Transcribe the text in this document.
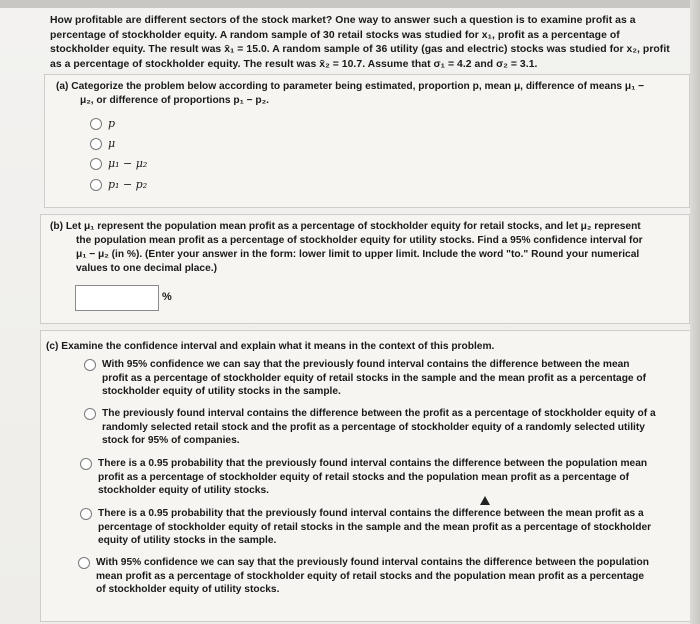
How profitable are different sectors of the stock market? One way to answer such a question is to examine profit as a
percentage of stockholder equity. A random sample of 30 retail stocks was studied for x₁, profit as a percentage of
stockholder equity. The result was x̄₁ = 15.0. A random sample of 36 utility (gas and electric) stocks was studied for x₂, profit
as a percentage of stockholder equity. The result was x̄₂ = 10.7. Assume that σ₁ = 4.2 and σ₂ = 3.1.
(a) Categorize the problem below according to parameter being estimated, proportion p, mean μ, difference of means μ₁ −
μ₂, or difference of proportions p₁ − p₂.
p
μ
μ₁ − μ₂
p₁ − p₂
(b) Let μ₁ represent the population mean profit as a percentage of stockholder equity for retail stocks, and let μ₂ represent
the population mean profit as a percentage of stockholder equity for utility stocks. Find a 95% confidence interval for
μ₁ − μ₂ (in %). (Enter your answer in the form: lower limit to upper limit. Include the word "to." Round your numerical
values to one decimal place.)
%
(c) Examine the confidence interval and explain what it means in the context of this problem.
With 95% confidence we can say that the previously found interval contains the difference between the mean
profit as a percentage of stockholder equity of retail stocks in the sample and the mean profit as a percentage of
stockholder equity of utility stocks in the sample.
The previously found interval contains the difference between the profit as a percentage of stockholder equity of a
randomly selected retail stock and the profit as a percentage of stockholder equity of a randomly selected utility
stock for 95% of companies.
There is a 0.95 probability that the previously found interval contains the difference between the population mean
profit as a percentage of stockholder equity of retail stocks and the population mean profit as a percentage of
stockholder equity of utility stocks.
There is a 0.95 probability that the previously found interval contains the difference between the mean profit as a
percentage of stockholder equity of retail stocks in the sample and the mean profit as a percentage of stockholder
equity of utility stocks in the sample.
With 95% confidence we can say that the previously found interval contains the difference between the population
mean profit as a percentage of stockholder equity of retail stocks and the population mean profit as a percentage
of stockholder equity of utility stocks.
